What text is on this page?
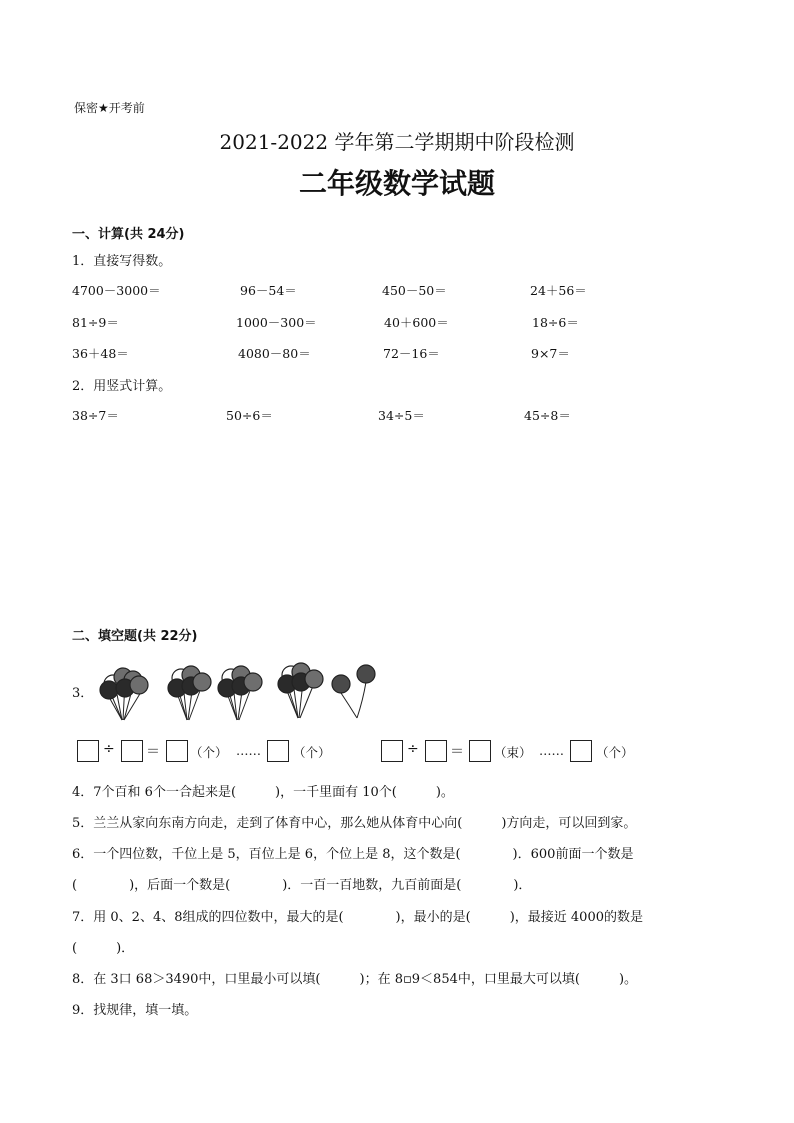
保密★开考前
2021-2022 学年第二学期期中阶段检测
二年级数学试题
一、计算(共 24分)
1．直接写得数。
4700－3000＝	96－54＝	450－50＝	24＋56＝
81÷9＝	1000－300＝	40＋600＝	18÷6＝
36＋48＝	4080－80＝	72－16＝	9×7＝
2．用竖式计算。
38÷7＝	50÷6＝	34÷5＝	45÷8＝
二、填空题(共 22分)
3．
÷ ＝ （个） ……	（个）	÷ ＝ （束） ……	（个）
4．7个百和 6个一合起来是(　　　)，一千里面有 10个(　　　)。
5．兰兰从家向东南方向走，走到了体育中心，那么她从体育中心向(　　　)方向走，可以回到家。
6．一个四位数，千位上是 5，百位上是 6，个位上是 8，这个数是(　　　　)．600前面一个数是
(　　　　)，后面一个数是(　　　　)．一百一百地数，九百前面是(　　　　)．
7．用 0、2、4、8组成的四位数中，最大的是(　　　　)，最小的是(　　　)，最接近 4000的数是
(　　　)．
8．在 3口 68＞3490中，口里最小可以填(　　　)；在 8▫9＜854中，口里最大可以填(　　　)。
9．找规律，填一填。
